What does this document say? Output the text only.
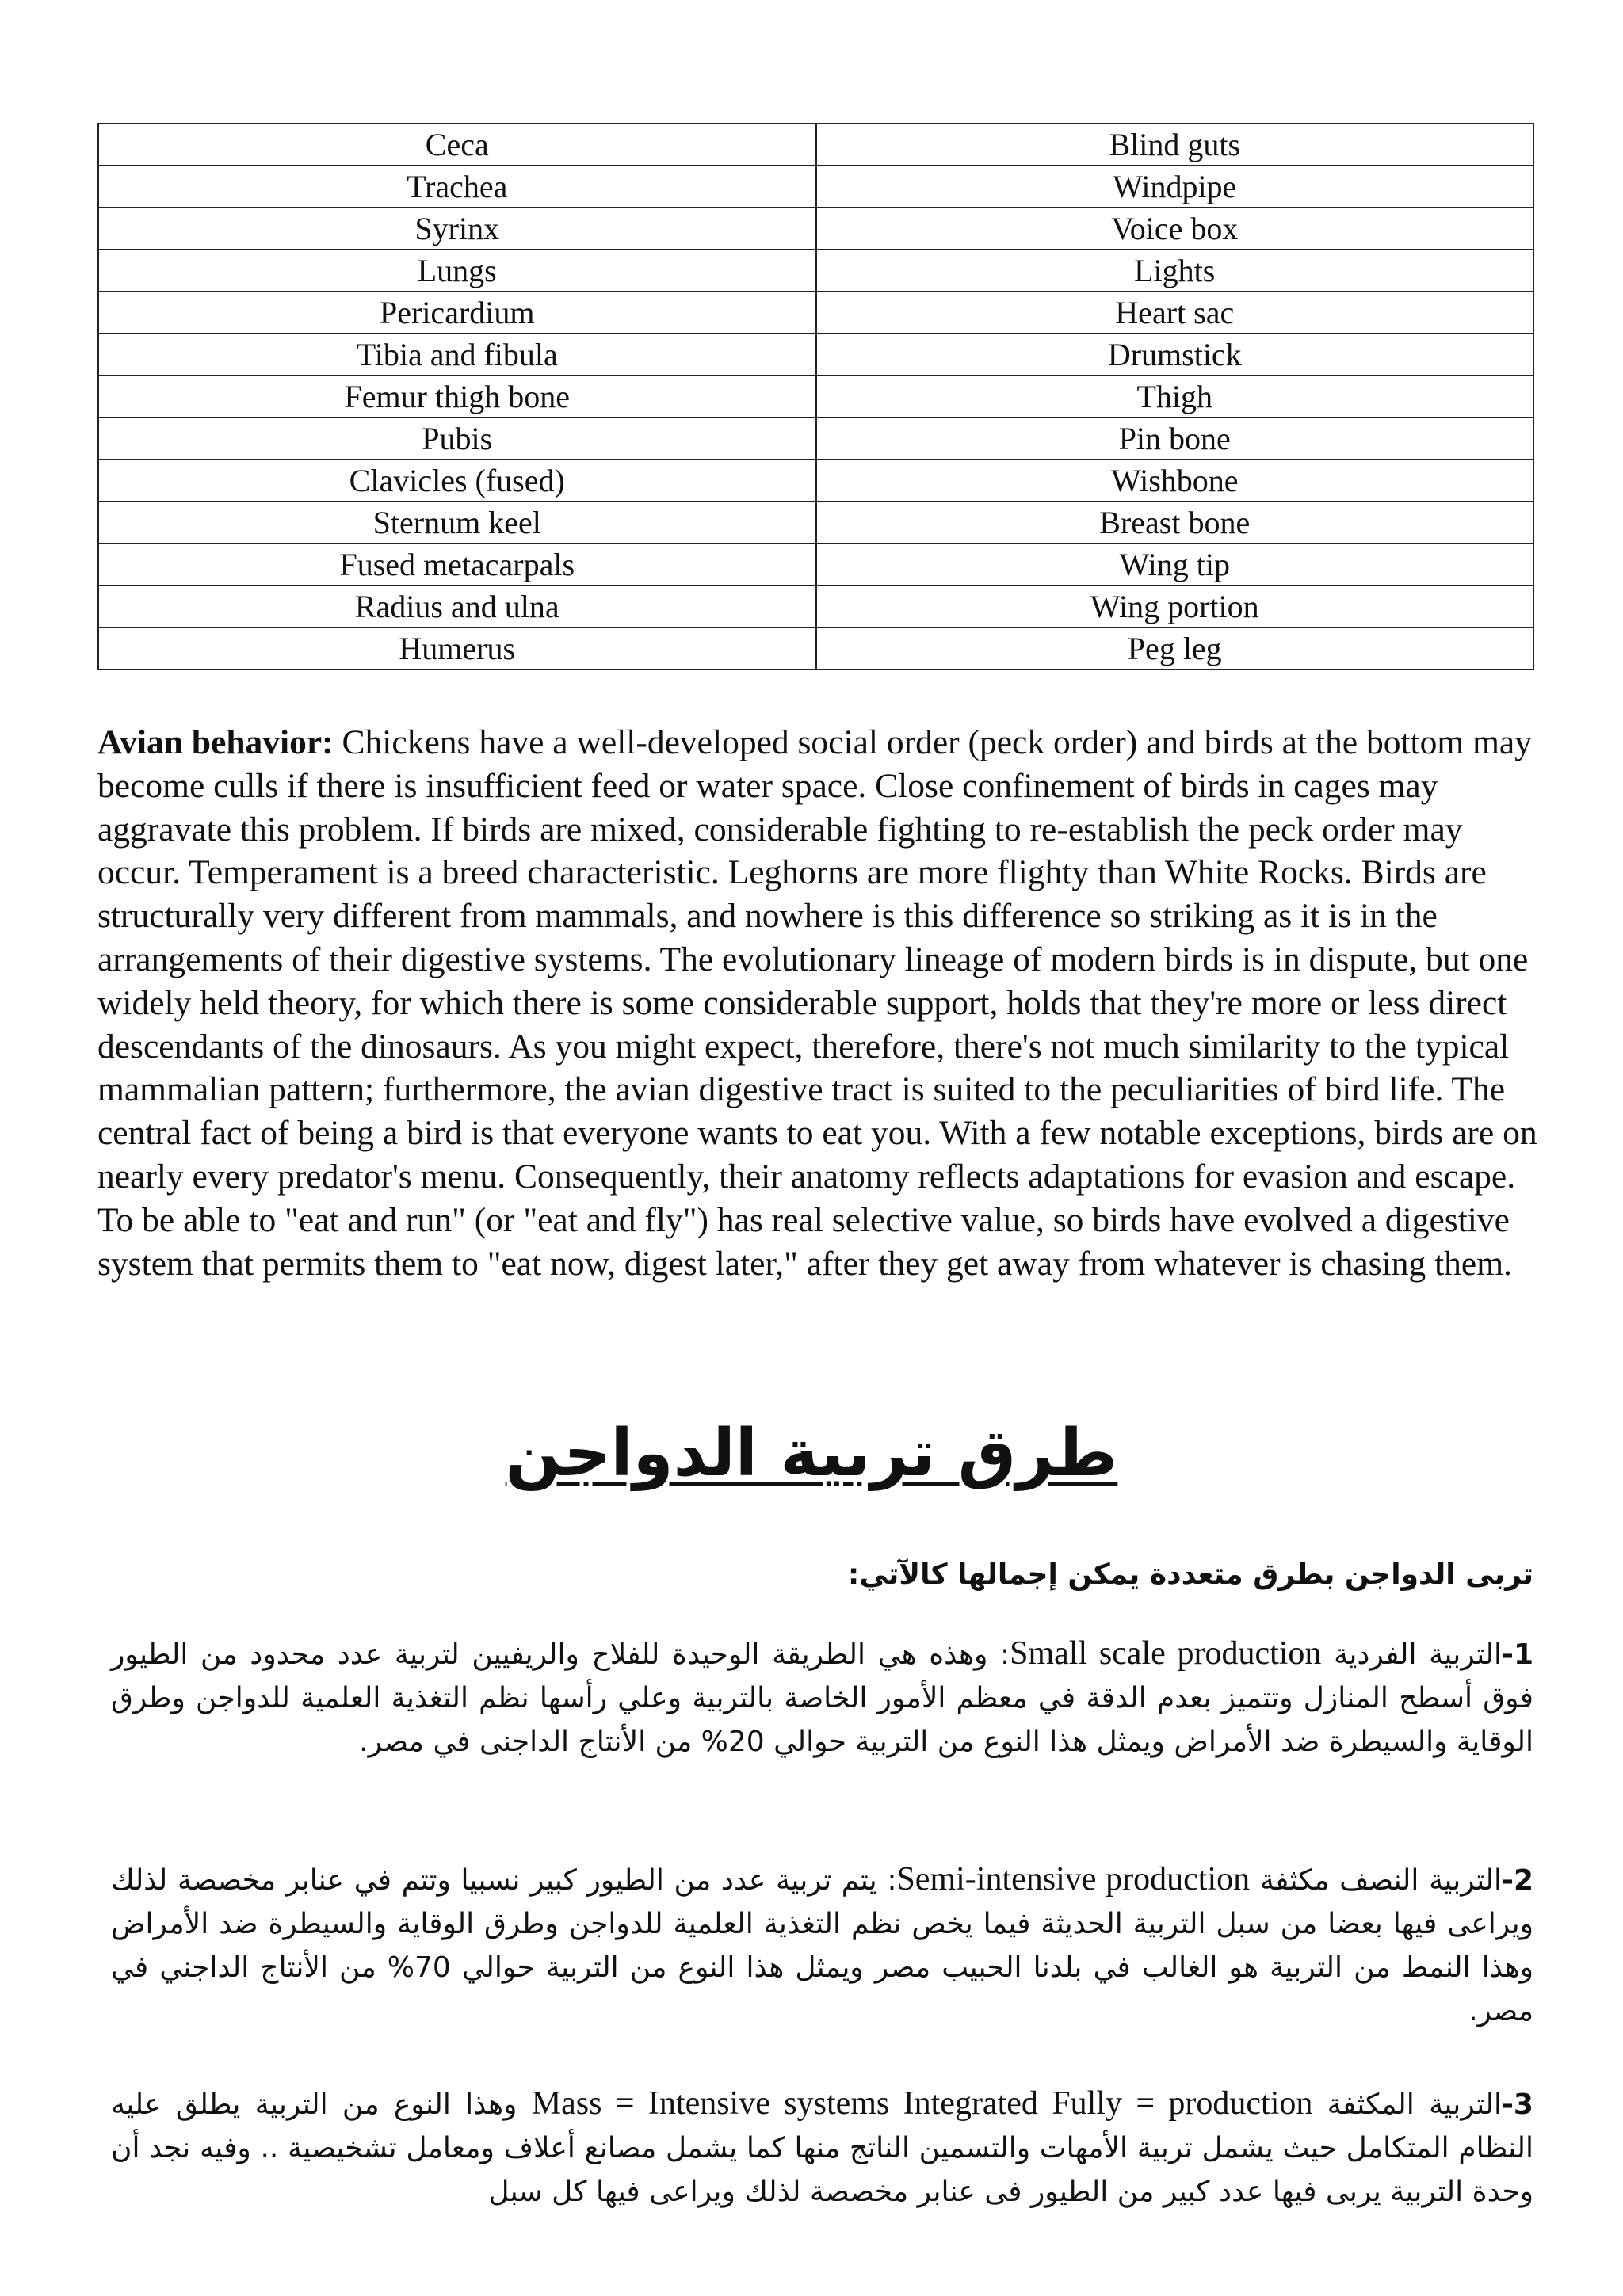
Ceca	Blind guts
Trachea	Windpipe
Syrinx	Voice box
Lungs	Lights
Pericardium	Heart sac
Tibia and fibula	Drumstick
Femur thigh bone	Thigh
Pubis	Pin bone
Clavicles (fused)	Wishbone
Sternum keel	Breast bone
Fused metacarpals	Wing tip
Radius and ulna	Wing portion
Humerus	Peg leg

Avian behavior: Chickens have a well-developed social order (peck order) and birds at the bottom may become culls if there is insufficient feed or water space. Close confinement of birds in cages may aggravate this problem. If birds are mixed, considerable fighting to re-establish the peck order may occur. Temperament is a breed characteristic. Leghorns are more flighty than White Rocks. Birds are structurally very different from mammals, and nowhere is this difference so striking as it is in the arrangements of their digestive systems. The evolutionary lineage of modern birds is in dispute, but one widely held theory, for which there is some considerable support, holds that they're more or less direct descendants of the dinosaurs. As you might expect, therefore, there's not much similarity to the typical mammalian pattern; furthermore, the avian digestive tract is suited to the peculiarities of bird life. The central fact of being a bird is that everyone wants to eat you. With a few notable exceptions, birds are on nearly every predator's menu. Consequently, their anatomy reflects adaptations for evasion and escape. To be able to "eat and run" (or "eat and fly") has real selective value, so birds have evolved a digestive system that permits them to "eat now, digest later," after they get away from whatever is chasing them.

طرق تربية الدواجن

تربى الدواجن بطرق متعددة يمكن إجمالها كالآتي:

1-التربية الفردية Small scale production: وهذه هي الطريقة الوحيدة للفلاح والريفيين لتربية عدد محدود من الطيور فوق أسطح المنازل وتتميز بعدم الدقة في معظم الأمور الخاصة بالتربية وعلي رأسها نظم التغذية العلمية للدواجن وطرق الوقاية والسيطرة ضد الأمراض ويمثل هذا النوع من التربية حوالي 20% من الأنتاج الداجنى في مصر.

2-التربية النصف مكثفة Semi-intensive production: يتم تربية عدد من الطيور كبير نسبيا وتتم في عنابر مخصصة لذلك ويراعى فيها بعضا من سبل التربية الحديثة فيما يخص نظم التغذية العلمية للدواجن وطرق الوقاية والسيطرة ضد الأمراض وهذا النمط من التربية هو الغالب في بلدنا الحبيب مصر ويمثل هذا النوع من التربية حوالي 70% من الأنتاج الداجني في مصر.

3-التربية المكثفة Mass = Intensive systems Integrated Fully = production وهذا النوع من التربية يطلق عليه النظام المتكامل حيث يشمل تربية الأمهات والتسمين الناتج منها كما يشمل مصانع أعلاف ومعامل تشخيصية .. وفيه نجد أن وحدة التربية يربى فيها عدد كبير من الطيور فى عنابر مخصصة لذلك ويراعى فيها كل سبل
